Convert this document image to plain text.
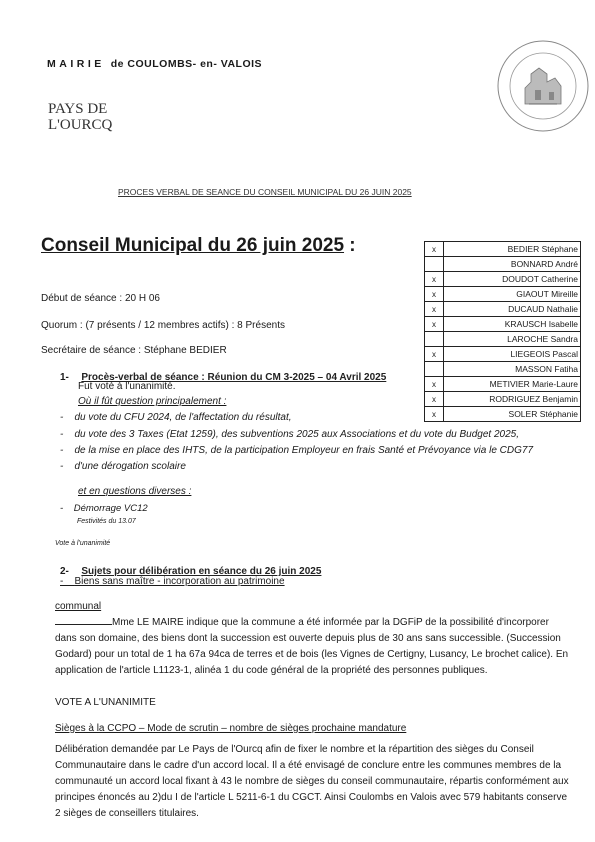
MAIRIE de COULOMBS- en- VALOIS
PAYS DE
L'OURCQ
PROCES VERBAL DE SEANCE DU CONSEIL MUNICIPAL DU 26 JUIN 2025
Conseil Municipal du 26 juin 2025 :	x	BEDIER Stéphane
	BONNARD André
x	DOUDOT Catherine
x	GIAOUT Mireille
x	DUCAUD Nathalie
x	KRAUSCH Isabelle
	LAROCHE Sandra
x	LIEGEOIS Pascal
	MASSON Fatiha
x	METIVIER Marie-Laure
x	RODRIGUEZ Benjamin
x	SOLER Stéphanie
Début de séance : 20 H 06
Quorum : (7 présents / 12 membres actifs) : 8 Présents
Secrétaire de séance : Stéphane BEDIER
1- Procès-verbal de séance : Réunion du CM 3-2025 – 04 Avril 2025
Fut voté à l'unanimité.
Où il fût question principalement :
-    du vote du CFU 2024, de l'affectation du résultat,
-    du vote des 3 Taxes (Etat 1259), des subventions 2025 aux Associations et du vote du Budget 2025,
-    de la mise en place des IHTS, de la participation Employeur en frais Santé et Prévoyance via le CDG77
-    d'une dérogation scolaire
et en questions diverses :
-    Démorrage VC12
Festivités du 13.07
Vote à l'unanimité
2- Sujets pour délibération en séance du 26 juin 2025
-    Biens sans maître - incorporation au patrimoine
communal
Mme LE MAIRE indique que la commune a été informée par la DGFiP de la possibilité d'incorporer dans son domaine, des biens dont la succession est ouverte depuis plus de 30 ans sans successible. (Succession Godard) pour un total de 1 ha 67a 94ca de terres et de bois (les Vignes de Certigny, Lusancy, Le brochet calice). En application de l'article L1123-1, alinéa 1 du code général de la propriété des personnes publiques.
VOTE A L'UNANIMITE
Sièges à la CCPO – Mode de scrutin – nombre de sièges prochaine mandature
Délibération demandée par Le Pays de l'Ourcq afin de fixer le nombre et la répartition des sièges du Conseil Communautaire dans le cadre d'un accord local. Il a été envisagé de conclure entre les communes membres de la communauté un accord local fixant à 43 le nombre de sièges du conseil communautaire, répartis conformément aux principes énoncés au 2)du I de l'article L 5211-6-1 du CGCT. Ainsi Coulombs en Valois avec 579 habitants conserve 2 sièges de conseillers titulaires.
